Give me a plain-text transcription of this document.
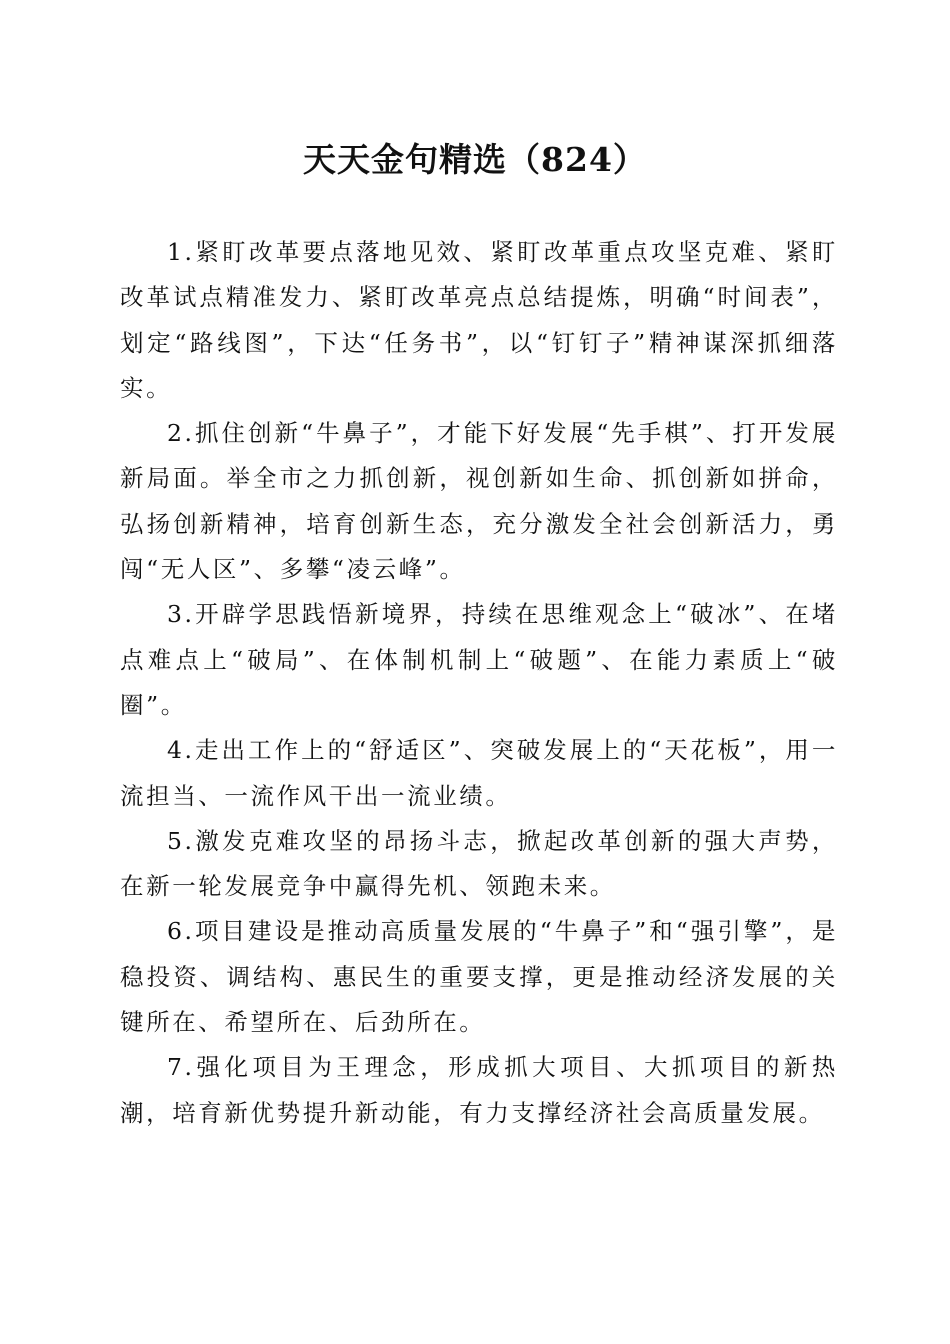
天天金句精选（824）

1.紧盯改革要点落地见效、紧盯改革重点攻坚克难、紧盯改革试点精准发力、紧盯改革亮点总结提炼，明确“时间表”，划定“路线图”，下达“任务书”，以“钉钉子”精神谋深抓细落实。

2.抓住创新“牛鼻子”，才能下好发展“先手棋”、打开发展新局面。举全市之力抓创新，视创新如生命、抓创新如拼命，弘扬创新精神，培育创新生态，充分激发全社会创新活力，勇闯“无人区”、多攀“凌云峰”。

3.开辟学思践悟新境界，持续在思维观念上“破冰”、在堵点难点上“破局”、在体制机制上“破题”、在能力素质上“破圈”。

4.走出工作上的“舒适区”、突破发展上的“天花板”，用一流担当、一流作风干出一流业绩。

5.激发克难攻坚的昂扬斗志，掀起改革创新的强大声势，在新一轮发展竞争中赢得先机、领跑未来。

6.项目建设是推动高质量发展的“牛鼻子”和“强引擎”，是稳投资、调结构、惠民生的重要支撑，更是推动经济发展的关键所在、希望所在、后劲所在。

7.强化项目为王理念，形成抓大项目、大抓项目的新热潮，培育新优势提升新动能，有力支撑经济社会高质量发展。
